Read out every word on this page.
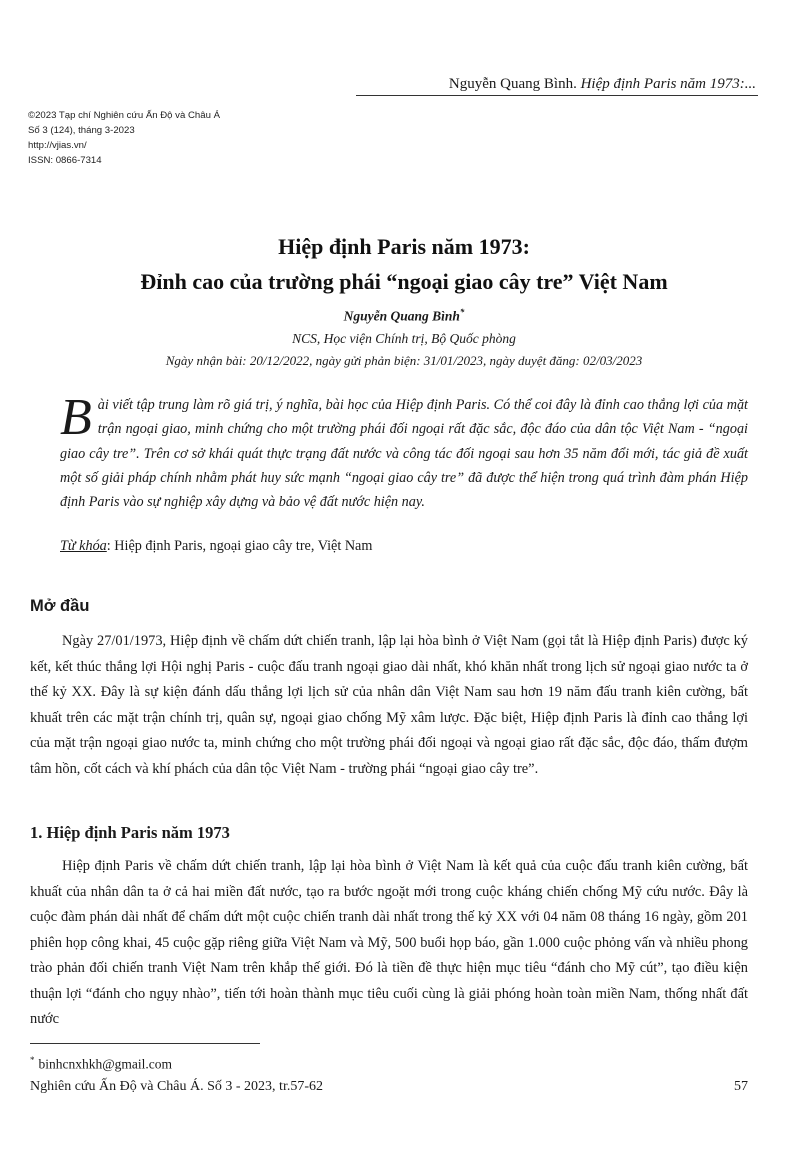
Nguyễn Quang Bình. Hiệp định Paris năm 1973:...
©2023 Tạp chí Nghiên cứu Ấn Độ và Châu Á
Số 3 (124), tháng 3-2023
http://vjias.vn/
ISSN: 0866-7314
Hiệp định Paris năm 1973:
Đỉnh cao của trường phái “ngoại giao cây tre” Việt Nam
Nguyễn Quang Bình*
NCS, Học viện Chính trị, Bộ Quốc phòng
Ngày nhận bài: 20/12/2022, ngày gửi phản biện: 31/01/2023, ngày duyệt đăng: 02/03/2023
Bài viết tập trung làm rõ giá trị, ý nghĩa, bài học của Hiệp định Paris. Có thể coi đây là đỉnh cao thắng lợi của mặt trận ngoại giao, minh chứng cho một trường phái đối ngoại rất đặc sắc, độc đáo của dân tộc Việt Nam - “ngoại giao cây tre”. Trên cơ sở khái quát thực trạng đất nước và công tác đối ngoại sau hơn 35 năm đổi mới, tác giả đề xuất một số giải pháp chính nhằm phát huy sức mạnh “ngoại giao cây tre” đã được thể hiện trong quá trình đàm phán Hiệp định Paris vào sự nghiệp xây dựng và bảo vệ đất nước hiện nay.
Từ khóa: Hiệp định Paris, ngoại giao cây tre, Việt Nam
Mở đầu
Ngày 27/01/1973, Hiệp định về chấm dứt chiến tranh, lập lại hòa bình ở Việt Nam (gọi tắt là Hiệp định Paris) được ký kết, kết thúc thắng lợi Hội nghị Paris - cuộc đấu tranh ngoại giao dài nhất, khó khăn nhất trong lịch sử ngoại giao nước ta ở thế kỷ XX. Đây là sự kiện đánh dấu thắng lợi lịch sử của nhân dân Việt Nam sau hơn 19 năm đấu tranh kiên cường, bất khuất trên các mặt trận chính trị, quân sự, ngoại giao chống Mỹ xâm lược. Đặc biệt, Hiệp định Paris là đỉnh cao thắng lợi của mặt trận ngoại giao nước ta, minh chứng cho một trường phái đối ngoại và ngoại giao rất đặc sắc, độc đáo, thấm đượm tâm hồn, cốt cách và khí phách của dân tộc Việt Nam - trường phái “ngoại giao cây tre”.
1. Hiệp định Paris năm 1973
Hiệp định Paris về chấm dứt chiến tranh, lập lại hòa bình ở Việt Nam là kết quả của cuộc đấu tranh kiên cường, bất khuất của nhân dân ta ở cả hai miền đất nước, tạo ra bước ngoặt mới trong cuộc kháng chiến chống Mỹ cứu nước. Đây là cuộc đàm phán dài nhất để chấm dứt một cuộc chiến tranh dài nhất trong thế kỷ XX với 04 năm 08 tháng 16 ngày, gồm 201 phiên họp công khai, 45 cuộc gặp riêng giữa Việt Nam và Mỹ, 500 buổi họp báo, gần 1.000 cuộc phỏng vấn và nhiều phong trào phản đối chiến tranh Việt Nam trên khắp thế giới. Đó là tiền đề thực hiện mục tiêu “đánh cho Mỹ cút”, tạo điều kiện thuận lợi “đánh cho ngụy nhào”, tiến tới hoàn thành mục tiêu cuối cùng là giải phóng hoàn toàn miền Nam, thống nhất đất nước
* binhcnxhkh@gmail.com
Nghiên cứu Ấn Độ và Châu Á. Số 3 - 2023, tr.57-62	57
